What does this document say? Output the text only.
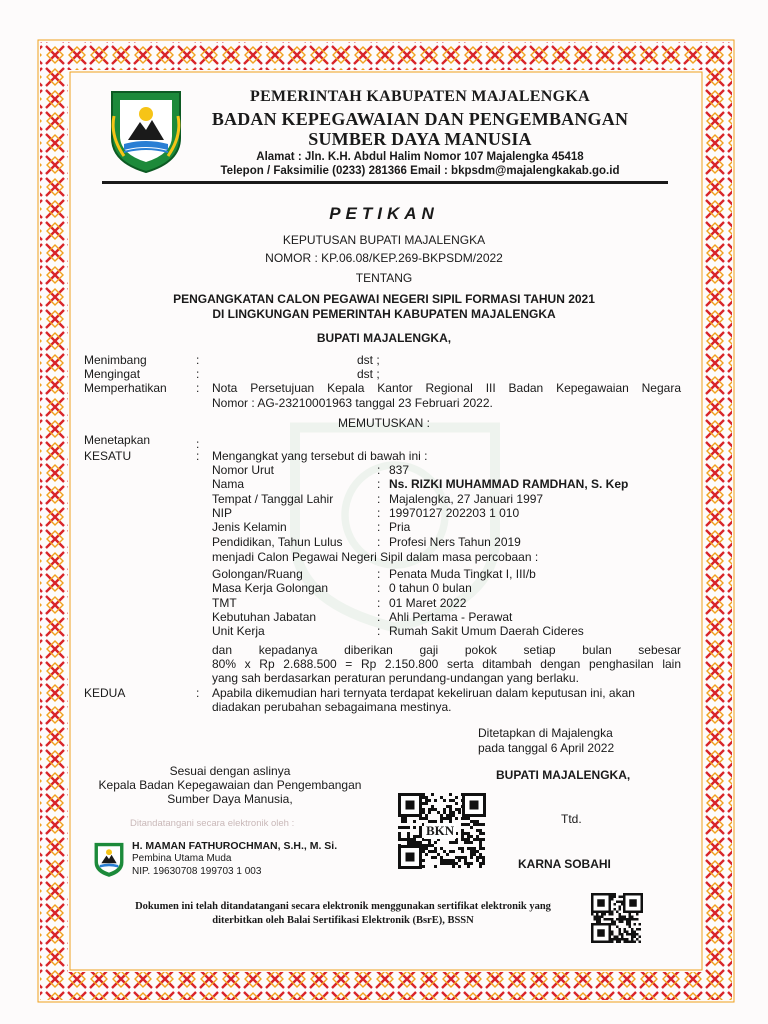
PEMERINTAH KABUPATEN MAJALENGKA
BADAN KEPEGAWAIAN DAN PENGEMBANGAN
SUMBER DAYA MANUSIA
Alamat : Jln. K.H. Abdul Halim Nomor 107 Majalengka 45418
Telepon / Faksimilie (0233) 281366 Email : bkpsdm@majalengkakab.go.id
PETIKAN
KEPUTUSAN BUPATI MAJALENGKA
NOMOR : KP.06.08/KEP.269-BKPSDM/2022
TENTANG
PENGANGKATAN CALON PEGAWAI NEGERI SIPIL FORMASI TAHUN 2021
DI LINGKUNGAN PEMERINTAH KABUPATEN MAJALENGKA
BUPATI MAJALENGKA,
Menimbang	:	dst ;
Mengingat	:	dst ;
Memperhatikan :	Nota Persetujuan Kepala Kantor Regional III Badan Kepegawaian Negara
Nomor : AG-23210001963 tanggal 23 Februari 2022.
MEMUTUSKAN :
Menetapkan	:
KESATU	:	Mengangkat yang tersebut di bawah ini :
Nomor Urut	: 837
Nama	: Ns. RIZKI MUHAMMAD RAMDHAN, S. Kep
Tempat / Tanggal Lahir	: Majalengka, 27 Januari 1997
NIP	: 19970127 202203 1 010
Jenis Kelamin	: Pria
Pendidikan, Tahun Lulus	: Profesi Ners Tahun 2019
menjadi Calon Pegawai Negeri Sipil dalam masa percobaan :
Golongan/Ruang	: Penata Muda Tingkat I, III/b
Masa Kerja Golongan	: 0 tahun 0 bulan
TMT	: 01 Maret 2022
Kebutuhan Jabatan	: Ahli Pertama - Perawat
Unit Kerja	: Rumah Sakit Umum Daerah Cideres
dan kepadanya diberikan gaji pokok setiap bulan sebesar
80% x Rp 2.688.500 = Rp 2.150.800 serta ditambah dengan penghasilan lain
yang sah berdasarkan peraturan perundang-undangan yang berlaku.
KEDUA	:	Apabila dikemudian hari ternyata terdapat kekeliruan dalam keputusan ini, akan
diadakan perubahan sebagaimana mestinya.
Ditetapkan di Majalengka
pada tanggal 6 April 2022
BUPATI MAJALENGKA,
Ttd.
KARNA SOBAHI
Sesuai dengan aslinya
Kepala Badan Kepegawaian dan Pengembangan
Sumber Daya Manusia,
Ditandatangani secara elektronik oleh :
H. MAMAN FATHUROCHMAN, S.H., M. Si.
Pembina Utama Muda
NIP. 19630708 199703 1 003
BKN
Dokumen ini telah ditandatangani secara elektronik menggunakan sertifikat elektronik yang
diterbitkan oleh Balai Sertifikasi Elektronik (BsrE), BSSN
